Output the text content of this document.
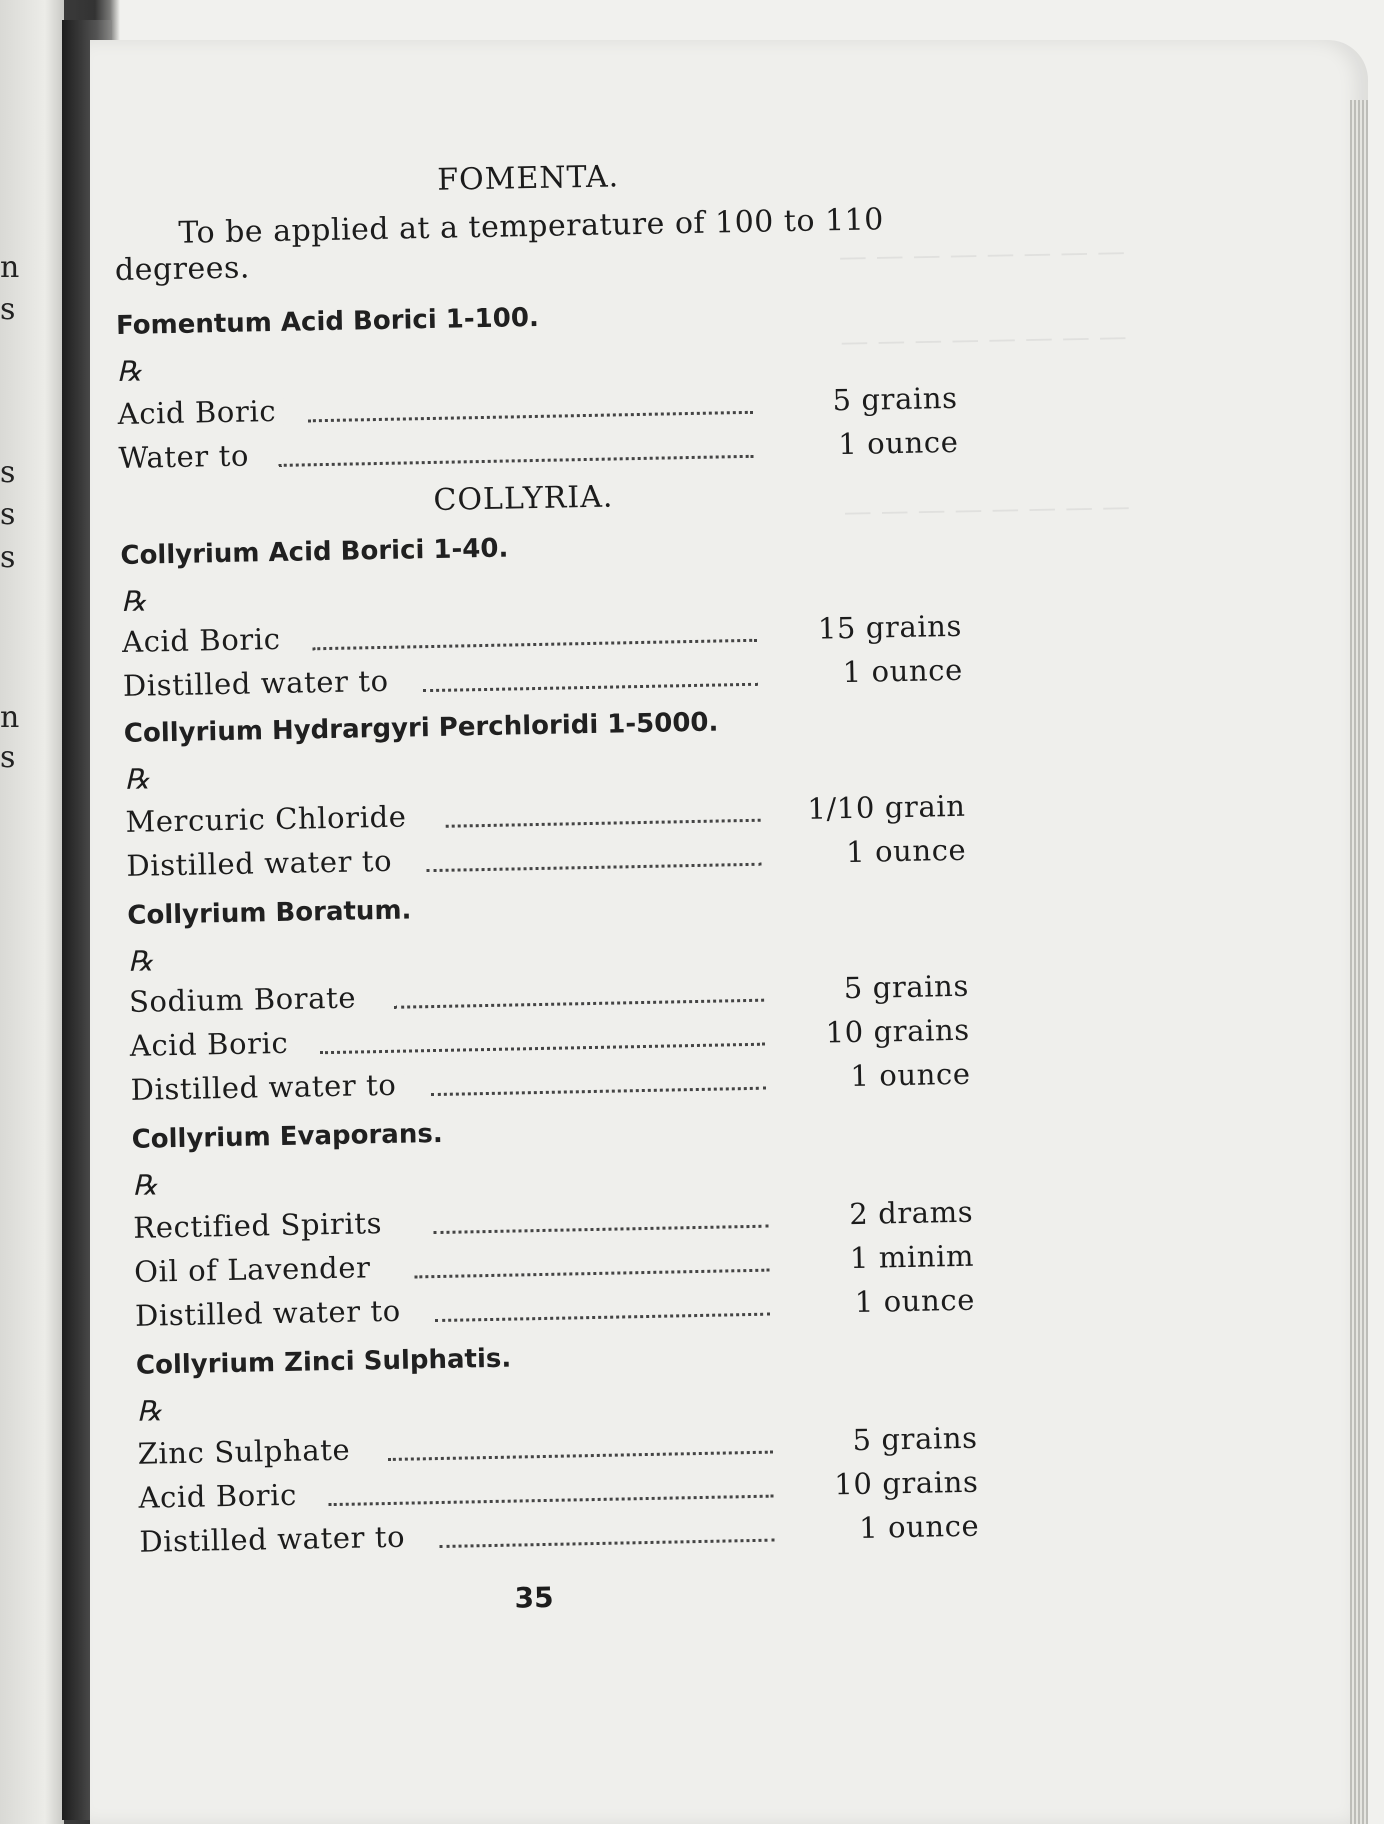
n
s
s
s
s
n
s
— — — — — — — —
— — — — — — — —
— — — — — — — —
FOMENTA.
To be applied at a temperature of 100 to 110
degrees.
Fomentum Acid Borici 1-100.
℞
Acid Boric	5 grains
Water to	1 ounce
COLLYRIA.
Collyrium Acid Borici 1-40.
℞
Acid Boric	15 grains
Distilled water to	1 ounce
Collyrium Hydrargyri Perchloridi 1-5000.
℞
Mercuric Chloride	1/10 grain
Distilled water to	1 ounce
Collyrium Boratum.
℞
Sodium Borate	5 grains
Acid Boric	10 grains
Distilled water to	1 ounce
Collyrium Evaporans.
℞
Rectified Spirits	2 drams
Oil of Lavender	1 minim
Distilled water to	1 ounce
Collyrium Zinci Sulphatis.
℞
Zinc Sulphate	5 grains
Acid Boric	10 grains
Distilled water to	1 ounce
35
